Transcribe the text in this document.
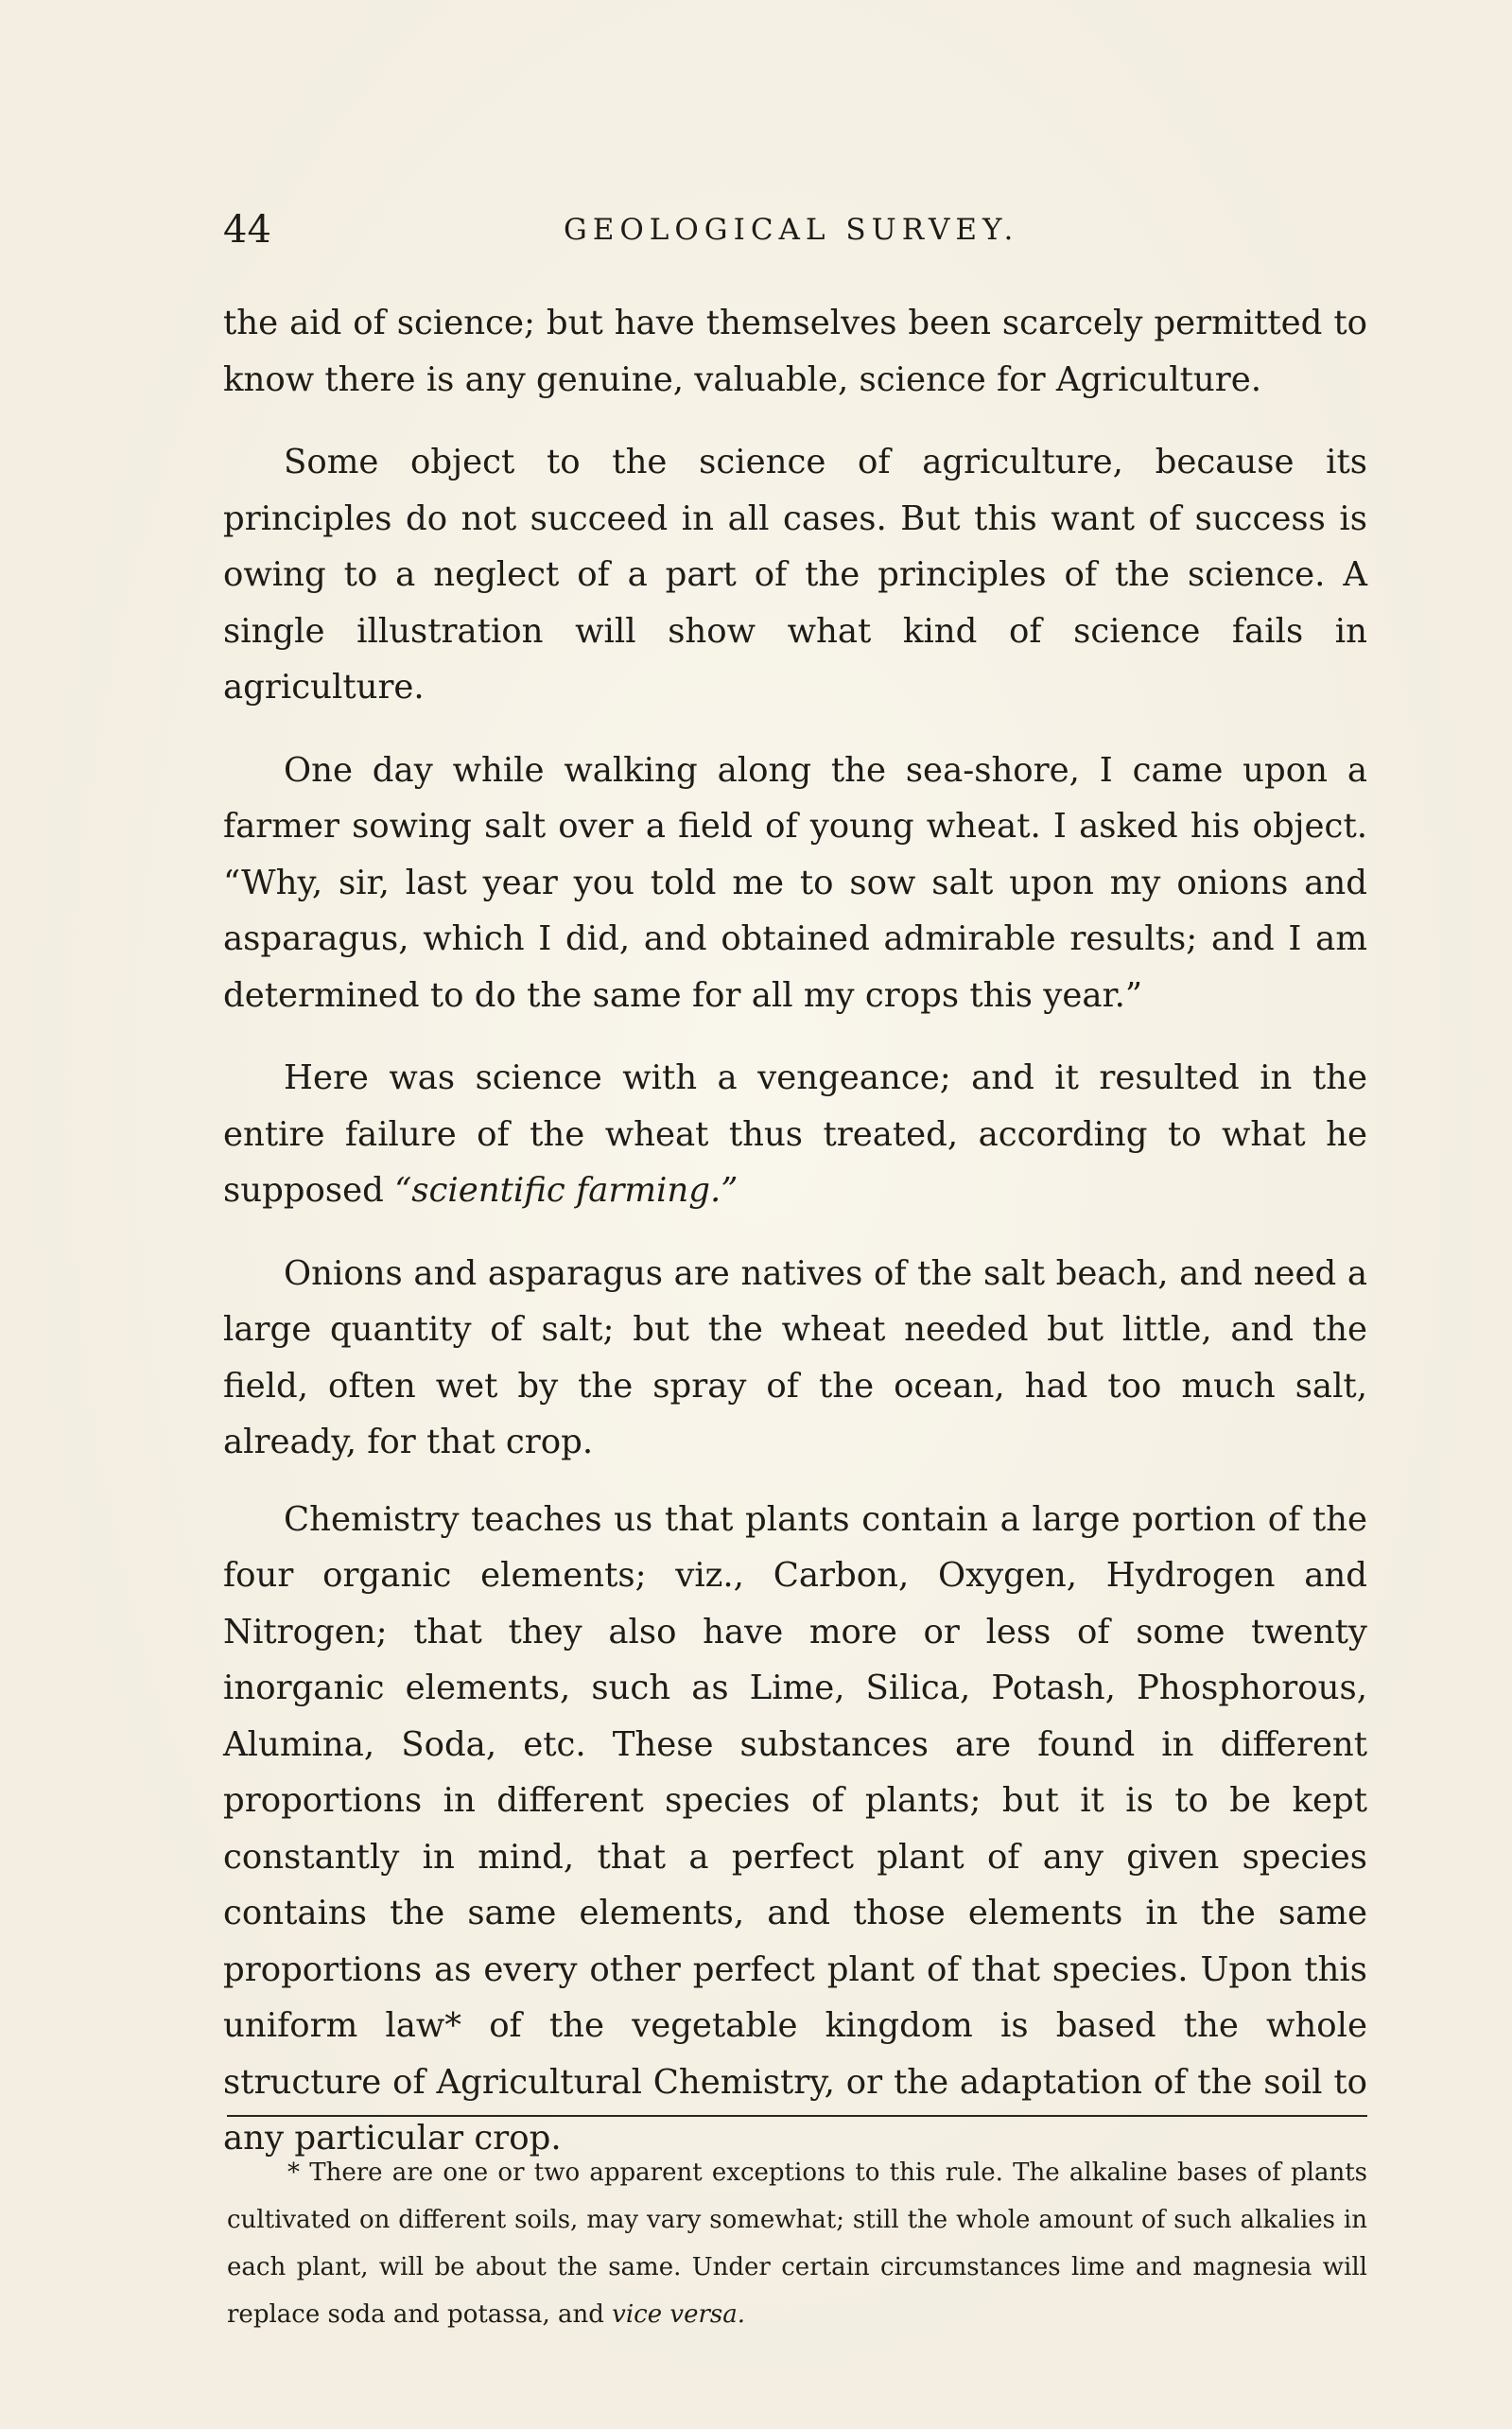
44	GEOLOGICAL SURVEY.

the aid of science; but have themselves been scarcely permitted to know there is any genuine, valuable, science for Agriculture.

Some object to the science of agriculture, because its principles do not succeed in all cases. But this want of success is owing to a neglect of a part of the principles of the science. A single illustration will show what kind of science fails in agriculture.

One day while walking along the sea-shore, I came upon a farmer sowing salt over a field of young wheat. I asked his object. “Why, sir, last year you told me to sow salt upon my onions and asparagus, which I did, and obtained admirable results; and I am determined to do the same for all my crops this year.”

Here was science with a vengeance; and it resulted in the entire failure of the wheat thus treated, according to what he supposed “scientific farming.”

Onions and asparagus are natives of the salt beach, and need a large quantity of salt; but the wheat needed but little, and the field, often wet by the spray of the ocean, had too much salt, already, for that crop.

Chemistry teaches us that plants contain a large portion of the four organic elements; viz., Carbon, Oxygen, Hydrogen and Nitrogen; that they also have more or less of some twenty inorganic elements, such as Lime, Silica, Potash, Phosphorous, Alumina, Soda, etc. These substances are found in different proportions in different species of plants; but it is to be kept constantly in mind, that a perfect plant of any given species contains the same elements, and those elements in the same proportions as every other perfect plant of that species. Upon this uniform law* of the vegetable kingdom is based the whole structure of Agricultural Chemistry, or the adaptation of the soil to any particular crop.

* There are one or two apparent exceptions to this rule. The alkaline bases of plants cultivated on different soils, may vary somewhat; still the whole amount of such alkalies in each plant, will be about the same. Under certain circumstances lime and magnesia will replace soda and potassa, and vice versa.
